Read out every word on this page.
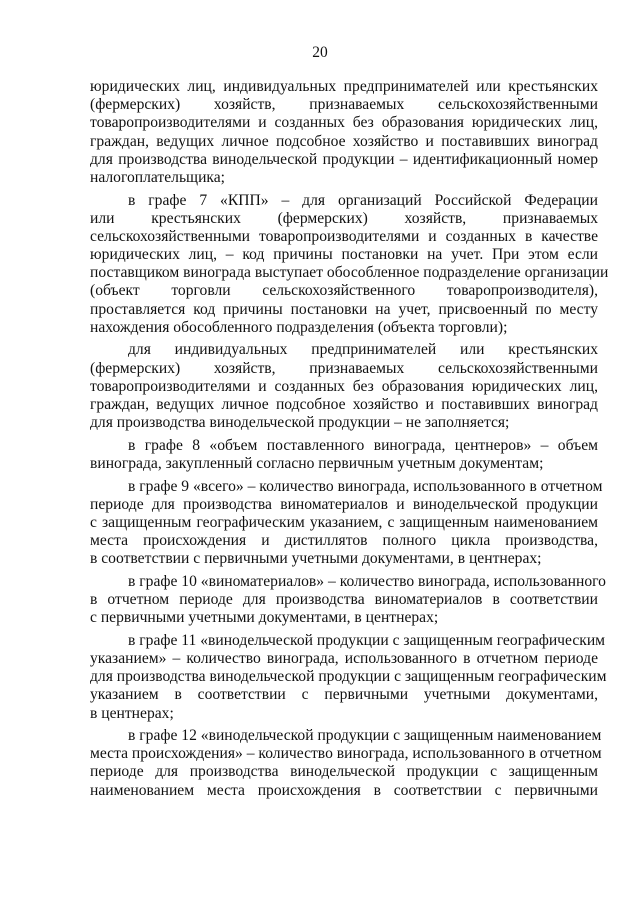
20
юридических лиц, индивидуальных предпринимателей или крестьянских
(фермерских) хозяйств, признаваемых сельскохозяйственными
товаропроизводителями и созданных без образования юридических лиц,
граждан, ведущих личное подсобное хозяйство и поставивших виноград
для производства винодельческой продукции – идентификационный номер
налогоплательщика;
в графе 7 «КПП» – для организаций Российской Федерации
или крестьянских (фермерских) хозяйств, признаваемых
сельскохозяйственными товаропроизводителями и созданных в качестве
юридических лиц, – код причины постановки на учет. При этом если
поставщиком винограда выступает обособленное подразделение организации
(объект торговли сельскохозяйственного товаропроизводителя),
проставляется код причины постановки на учет, присвоенный по месту
нахождения обособленного подразделения (объекта торговли);
для индивидуальных предпринимателей или крестьянских
(фермерских) хозяйств, признаваемых сельскохозяйственными
товаропроизводителями и созданных без образования юридических лиц,
граждан, ведущих личное подсобное хозяйство и поставивших виноград
для производства винодельческой продукции – не заполняется;
в графе 8 «объем поставленного винограда, центнеров» – объем
винограда, закупленный согласно первичным учетным документам;
в графе 9 «всего» – количество винограда, использованного в отчетном
периоде для производства виноматериалов и винодельческой продукции
с защищенным географическим указанием, с защищенным наименованием
места происхождения и дистиллятов полного цикла производства,
в соответствии с первичными учетными документами, в центнерах;
в графе 10 «виноматериалов» – количество винограда, использованного
в отчетном периоде для производства виноматериалов в соответствии
с первичными учетными документами, в центнерах;
в графе 11 «винодельческой продукции с защищенным географическим
указанием» – количество винограда, использованного в отчетном периоде
для производства винодельческой продукции с защищенным географическим
указанием в соответствии с первичными учетными документами,
в центнерах;
в графе 12 «винодельческой продукции с защищенным наименованием
места происхождения» – количество винограда, использованного в отчетном
периоде для производства винодельческой продукции с защищенным
наименованием места происхождения в соответствии с первичными
